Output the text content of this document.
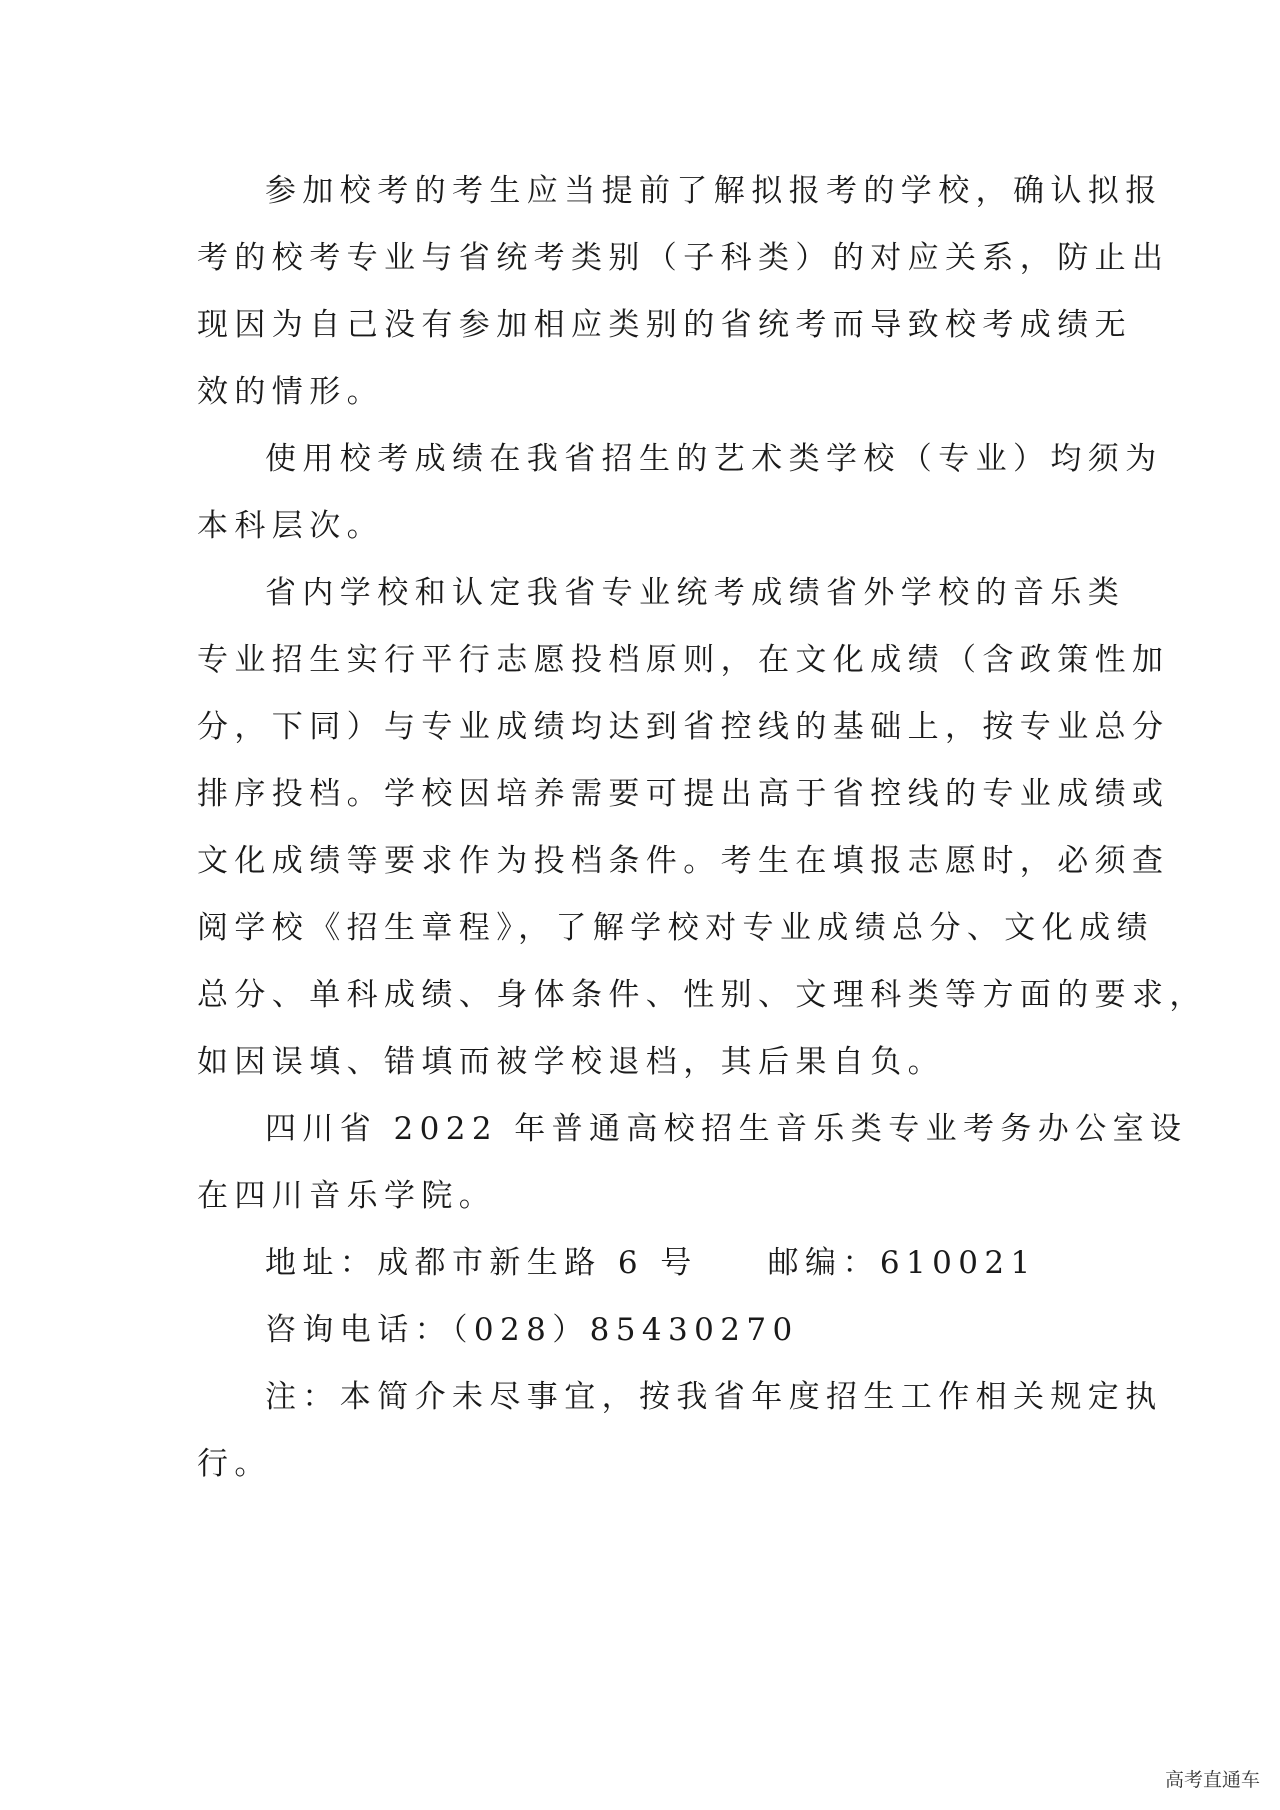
参加校考的考生应当提前了解拟报考的学校，确认拟报
考的校考专业与省统考类别（子科类）的对应关系，防止出
现因为自己没有参加相应类别的省统考而导致校考成绩无
效的情形。
使用校考成绩在我省招生的艺术类学校（专业）均须为
本科层次。
省内学校和认定我省专业统考成绩省外学校的音乐类
专业招生实行平行志愿投档原则，在文化成绩（含政策性加
分，下同）与专业成绩均达到省控线的基础上，按专业总分
排序投档。学校因培养需要可提出高于省控线的专业成绩或
文化成绩等要求作为投档条件。考生在填报志愿时，必须查
阅学校《招生章程》，了解学校对专业成绩总分、文化成绩
总分、单科成绩、身体条件、性别、文理科类等方面的要求，
如因误填、错填而被学校退档，其后果自负。
四川省 2022 年普通高校招生音乐类专业考务办公室设
在四川音乐学院。
地址：成都市新生路 6 号 邮编：610021
咨询电话：（028）85430270
注：本简介未尽事宜，按我省年度招生工作相关规定执
行。
高考直通车
